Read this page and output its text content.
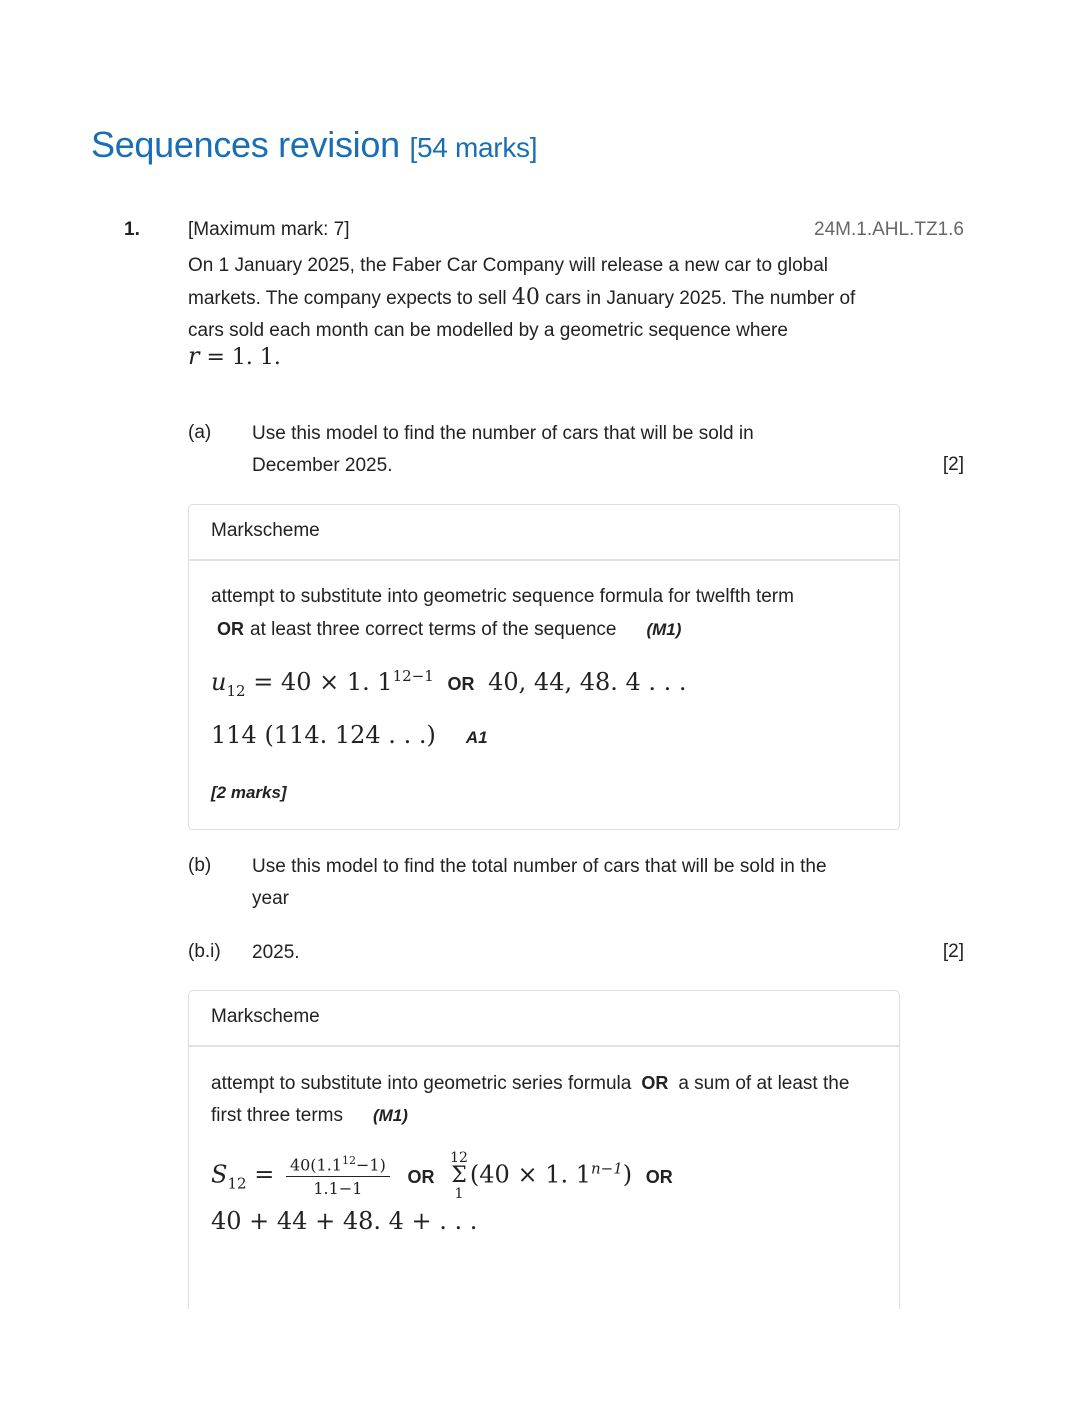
Sequences revision [54 marks]
1.	[Maximum mark: 7]	24M.1.AHL.TZ1.6
On 1 January 2025, the Faber Car Company will release a new car to global markets. The company expects to sell 40 cars in January 2025. The number of cars sold each month can be modelled by a geometric sequence where
r = 1. 1.
(a) Use this model to find the number of cars that will be sold in December 2025.	[2]
Markscheme
attempt to substitute into geometric sequence formula for twelfth term
OR at least three correct terms of the sequence (M1)
$u_{12} = 40 \times 1$. $1^{12-1}$ OR 40, 44, 48. 4 . . .
114 (114. 124 . . .) A1
[2 marks]
(b) Use this model to find the total number of cars that will be sold in the year
(b.i) 2025.	[2]
Markscheme
attempt to substitute into geometric series formula OR a sum of at least the first three terms (M1)
$S_{12} = \frac{40(1.1^{12}-1)}{1.1-1}$ OR 12
Σ
1(40 × 1. $1^{n-1}$) OR
40 + 44 + 48. 4 + . . .
